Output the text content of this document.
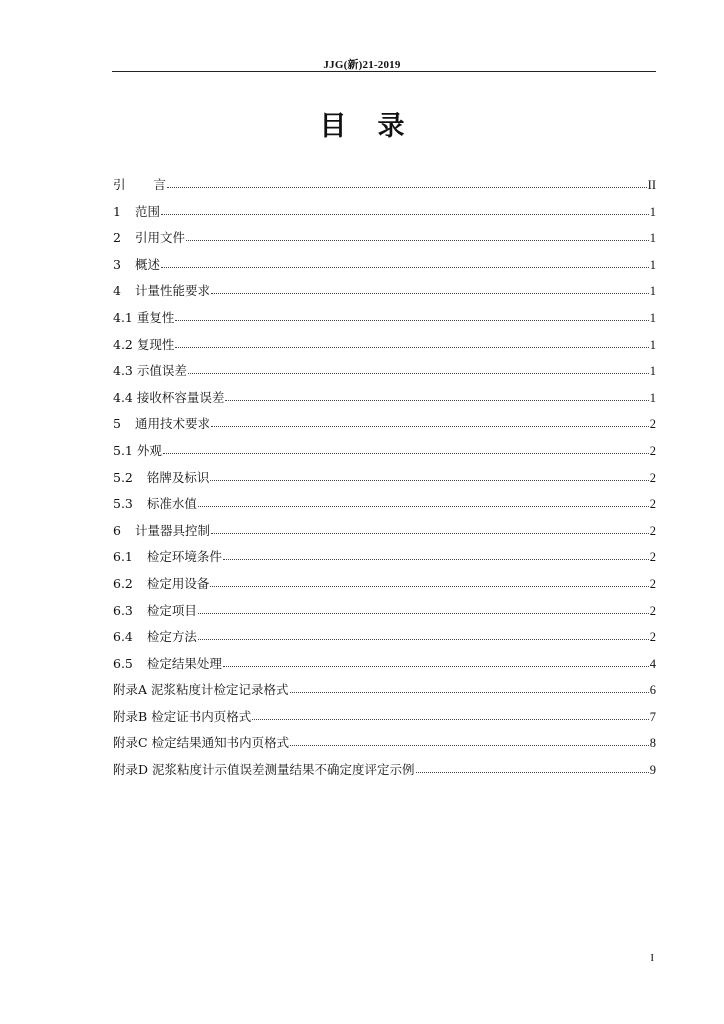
JJG(新)21-2019
目录
引 言	II
1 范围	1
2 引用文件	1
3 概述	1
4 计量性能要求	1
4.1 重复性	1
4.2 复现性	1
4.3 示值误差	1
4.4 接收杯容量误差	1
5 通用技术要求	2
5.1 外观	2
5.2 铭牌及标识	2
5.3 标准水值	2
6 计量器具控制	2
6.1 检定环境条件	2
6.2 检定用设备	2
6.3 检定项目	2
6.4 检定方法	2
6.5 检定结果处理	4
附录A 泥浆粘度计检定记录格式	6
附录B 检定证书内页格式	7
附录C 检定结果通知书内页格式	8
附录D 泥浆粘度计示值误差测量结果不确定度评定示例	9
I
